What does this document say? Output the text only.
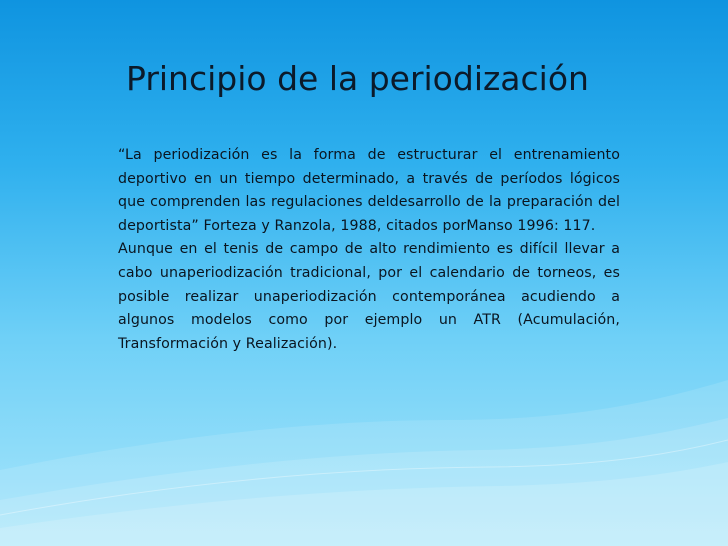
Principio de la periodización

“La periodización es la forma de estructurar el entrenamiento deportivo en un tiempo determinado, a través de períodos lógicos que comprenden las regulaciones deldesarrollo de la preparación del deportista” Forteza y Ranzola, 1988, citados porManso 1996: 117.

Aunque en el tenis de campo de alto rendimiento es difícil llevar a cabo unaperiodización tradicional, por el calendario de torneos, es posible realizar unaperiodización contemporánea acudiendo a algunos modelos como por ejemplo un ATR (Acumulación, Transformación y Realización).
